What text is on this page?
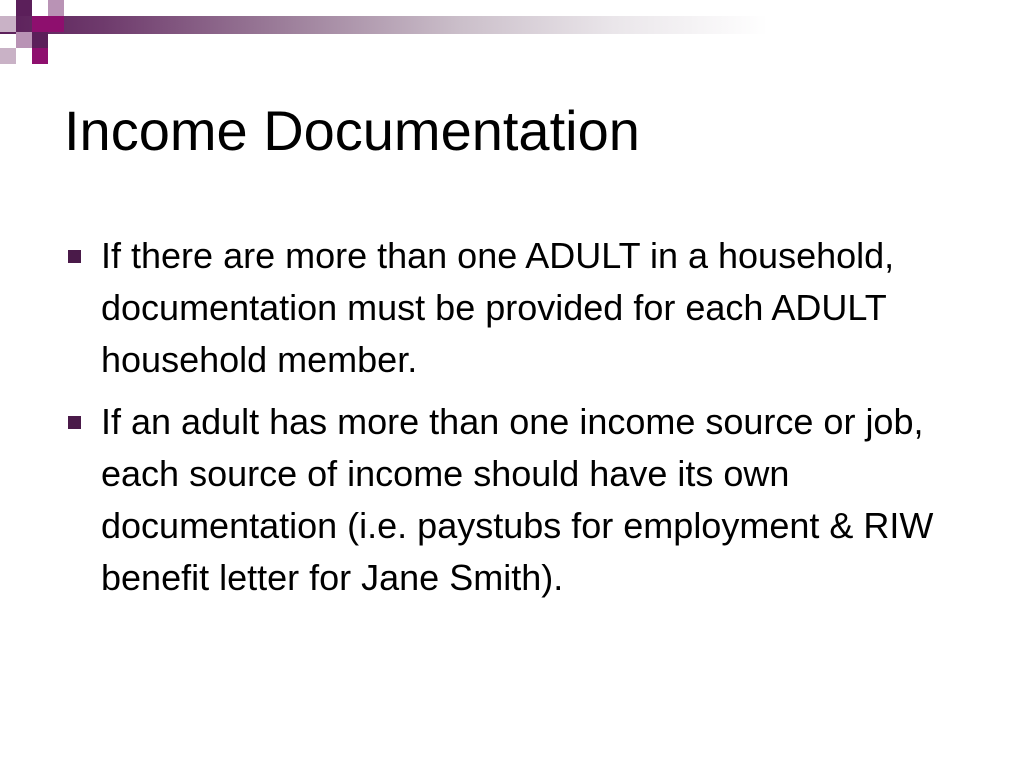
Income Documentation
If there are more than one ADULT in a household, documentation must be provided for each ADULT household member.
If an adult has more than one income source or job, each source of income should have its own documentation (i.e. paystubs for employment & RIW benefit letter for Jane Smith).
